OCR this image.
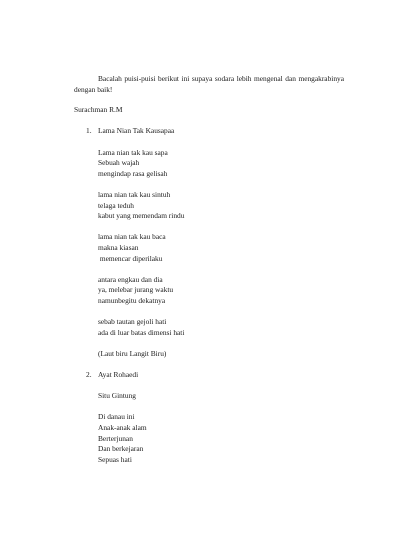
Bacalah puisi-puisi berikut ini supaya sodara lebih mengenal dan mengakrabinya dengan baik!

Surachman R.M
1. Lama Nian Tak Kausapaa
Lama nian tak kau sapa
Sebuah wajah
mengindap rasa gelisah
lama nian tak kau sintuh
telaga teduh
kabut yang memendam rindu
lama nian tak kau baca
makna kiasan
memencar diperilaku
antara engkau dan dia
ya, melebar jurang waktu
namunbegitu dekatnya
sebab tautan gejoli hati
ada di luar batas dimensi hati
(Laut biru Langit Biru)
2. Ayat Rohaedi
Situ Gintung
Di danau ini
Anak-anak alam
Berterjunan
Dan berkejaran
Sepuas hati
